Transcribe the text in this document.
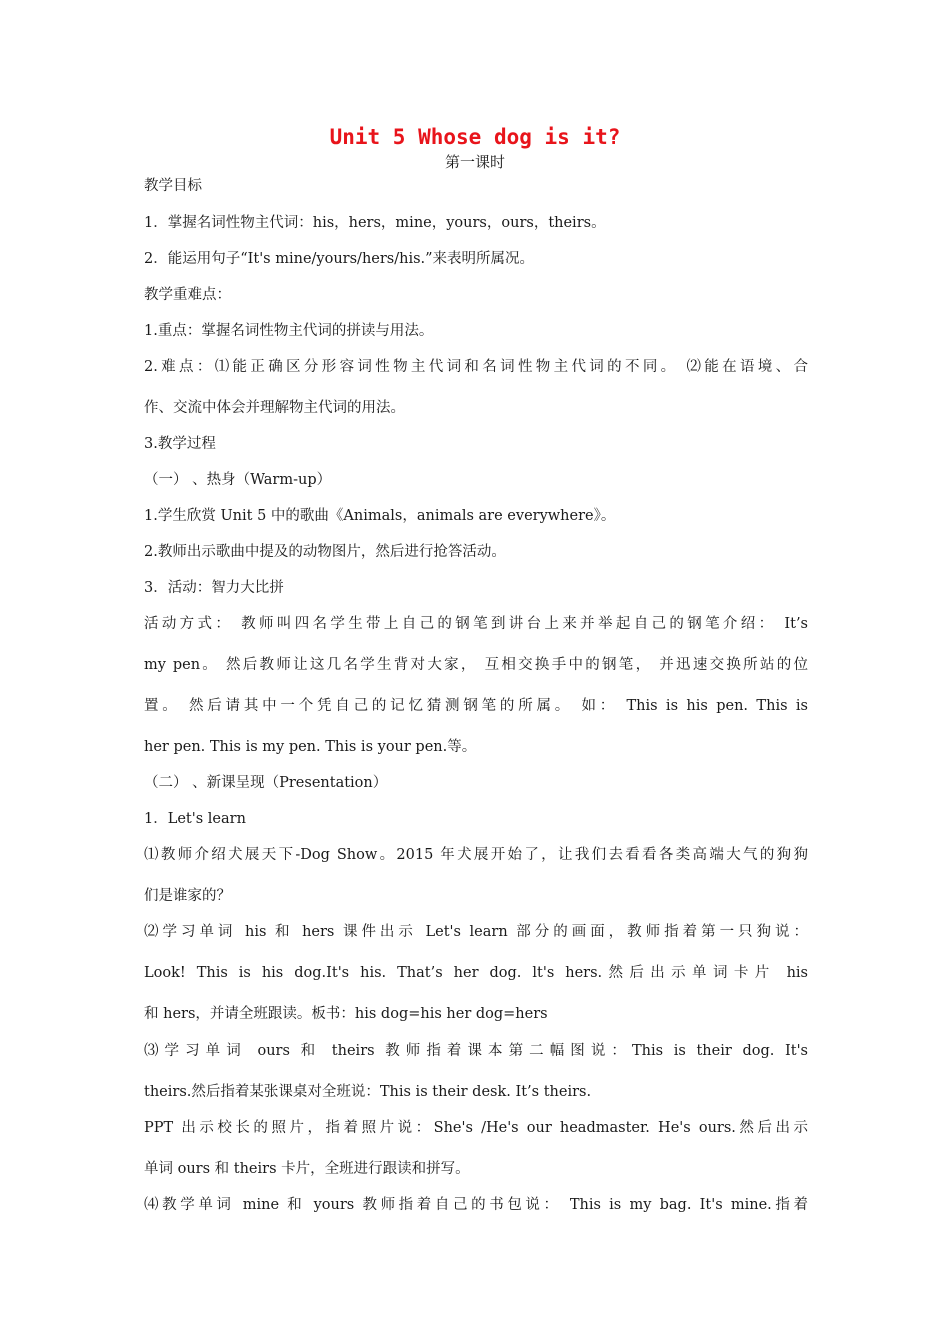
Unit 5 Whose dog is it?
第一课时
教学目标
1．掌握名词性物主代词：his，hers，mine，yours，ours，theirs。
2．能运用句子“It's mine/yours/hers/his.”来表明所属况。
教学重难点：
1.重点：掌握名词性物主代词的拼读与用法。
2.难点：⑴能正确区分形容词性物主代词和名词性物主代词的不同。 ⑵能在语境、合
作、交流中体会并理解物主代词的用法。
3.教学过程
（一） 、热身（Warm-up）
1.学生欣赏 Unit 5 中的歌曲《Animals，animals are everywhere》。
2.教师出示歌曲中提及的动物图片，然后进行抢答活动。
3．活动：智力大比拼
活动方式： 教师叫四名学生带上自己的钢笔到讲台上来并举起自己的钢笔介绍： It’s
my pen。 然后教师让这几名学生背对大家， 互相交换手中的钢笔， 并迅速交换所站的位
置。 然后请其中一个凭自己的记忆猜测钢笔的所属。 如： This is his pen. This is
her pen. This is my pen. This is your pen.等。
（二） 、新课呈现（Presentation）
1．Let's learn
⑴教师介绍犬展天下-Dog Show。2015 年犬展开始了，让我们去看看各类高端大气的狗狗
们是谁家的？
⑵学习单词 his 和 hers 课件出示 Let's learn 部分的画面，教师指着第一只狗说：
Look! This is his dog.It's his. That’s her dog. lt's hers.然后出示单词卡片 his
和 hers，并请全班跟读。板书：his dog=his her dog=hers
⑶学习单词 ours 和 theirs 教师指着课本第二幅图说：This is their dog. It's
theirs.然后指着某张课桌对全班说：This is their desk. It’s theirs.
PPT 出示校长的照片，指着照片说：She's /He's our headmaster. He's ours.然后出示
单词 ours 和 theirs 卡片，全班进行跟读和拼写。
⑷教学单词 mine 和 yours 教师指着自己的书包说： This is my bag. It's mine.指着
